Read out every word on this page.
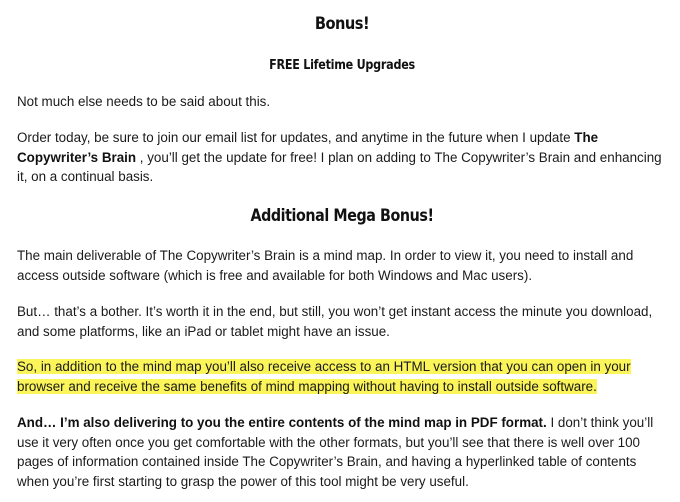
Bonus!
FREE Lifetime Upgrades

Not much else needs to be said about this.

Order today, be sure to join our email list for updates, and anytime in the future when I update The Copywriter’s Brain , you’ll get the update for free! I plan on adding to The Copywriter’s Brain and enhancing it, on a continual basis.

Additional Mega Bonus!

The main deliverable of The Copywriter’s Brain is a mind map. In order to view it, you need to install and access outside software (which is free and available for both Windows and Mac users).

But… that’s a bother. It’s worth it in the end, but still, you won’t get instant access the minute you download, and some platforms, like an iPad or tablet might have an issue.

So, in addition to the mind map you’ll also receive access to an HTML version that you can open in your browser and receive the same benefits of mind mapping without having to install outside software.

And… I’m also delivering to you the entire contents of the mind map in PDF format. I don’t think you’ll use it very often once you get comfortable with the other formats, but you’ll see that there is well over 100 pages of information contained inside The Copywriter’s Brain, and having a hyperlinked table of contents when you’re first starting to grasp the power of this tool might be very useful.
